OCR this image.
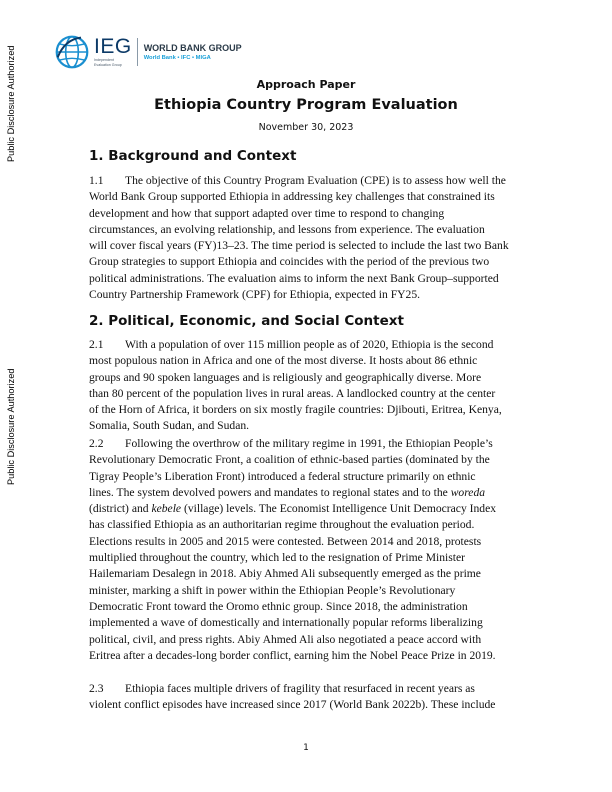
Public Disclosure Authorized
Public Disclosure Authorized
IEG
Independent
Evaluation Group
WORLD BANK GROUP
World Bank • IFC • MIGA
Approach Paper
Ethiopia Country Program Evaluation
November 30, 2023
1. Background and Context
1.1 The objective of this Country Program Evaluation (CPE) is to assess how well the
World Bank Group supported Ethiopia in addressing key challenges that constrained its
development and how that support adapted over time to respond to changing
circumstances, an evolving relationship, and lessons from experience. The evaluation
will cover fiscal years (FY)13–23. The time period is selected to include the last two Bank
Group strategies to support Ethiopia and coincides with the period of the previous two
political administrations. The evaluation aims to inform the next Bank Group–supported
Country Partnership Framework (CPF) for Ethiopia, expected in FY25.
2. Political, Economic, and Social Context
2.1 With a population of over 115 million people as of 2020, Ethiopia is the second
most populous nation in Africa and one of the most diverse. It hosts about 86 ethnic
groups and 90 spoken languages and is religiously and geographically diverse. More
than 80 percent of the population lives in rural areas. A landlocked country at the center
of the Horn of Africa, it borders on six mostly fragile countries: Djibouti, Eritrea, Kenya,
Somalia, South Sudan, and Sudan.
2.2 Following the overthrow of the military regime in 1991, the Ethiopian People’s
Revolutionary Democratic Front, a coalition of ethnic-based parties (dominated by the
Tigray People’s Liberation Front) introduced a federal structure primarily on ethnic
lines. The system devolved powers and mandates to regional states and to the woreda
(district) and kebele (village) levels. The Economist Intelligence Unit Democracy Index
has classified Ethiopia as an authoritarian regime throughout the evaluation period.
Elections results in 2005 and 2015 were contested. Between 2014 and 2018, protests
multiplied throughout the country, which led to the resignation of Prime Minister
Hailemariam Desalegn in 2018. Abiy Ahmed Ali subsequently emerged as the prime
minister, marking a shift in power within the Ethiopian People’s Revolutionary
Democratic Front toward the Oromo ethnic group. Since 2018, the administration
implemented a wave of domestically and internationally popular reforms liberalizing
political, civil, and press rights. Abiy Ahmed Ali also negotiated a peace accord with
Eritrea after a decades-long border conflict, earning him the Nobel Peace Prize in 2019.
2.3 Ethiopia faces multiple drivers of fragility that resurfaced in recent years as
violent conflict episodes have increased since 2017 (World Bank 2022b). These include
1
